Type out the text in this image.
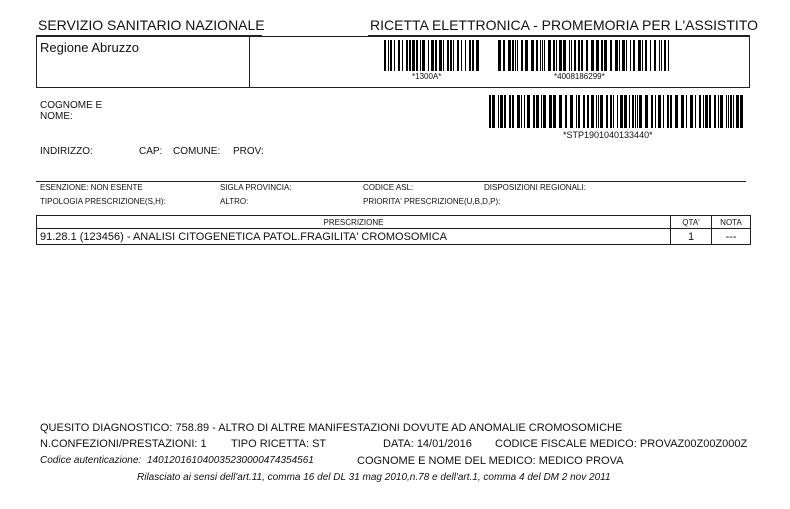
SERVIZIO SANITARIO NAZIONALE	RICETTA ELETTRONICA - PROMEMORIA PER L'ASSISTITO
Regione Abruzzo
*1300A*	*4008186299*
*STP1901040133440*
COGNOME E
NOME:
INDIRIZZO:	CAP: COMUNE: PROV:
ESENZIONE: NON ESENTE	SIGLA PROVINCIA:	CODICE ASL:	DISPOSIZIONI REGIONALI:
TIPOLOGIA PRESCRIZIONE(S,H):	ALTRO:	PRIORITA' PRESCRIZIONE(U,B,D,P):
PRESCRIZIONE	QTA'	NOTA
91.28.1 (123456) - ANALISI CITOGENETICA PATOL.FRAGILITA' CROMOSOMICA	1	---
QUESITO DIAGNOSTICO: 758.89 - ALTRO DI ALTRE MANIFESTAZIONI DOVUTE AD ANOMALIE CROMOSOMICHE
N.CONFEZIONI/PRESTAZIONI: 1 TIPO RICETTA: ST	DATA: 14/01/2016 CODICE FISCALE MEDICO: PROVAZ00Z00Z000Z
Codice autenticazione: 14012016104003523000047435456​1	COGNOME E NOME DEL MEDICO: MEDICO PROVA
Rilasciato ai sensi dell'art.11, comma 16 del DL 31 mag 2010,n.78 e dell'art.1, comma 4 del DM 2 nov 2011
